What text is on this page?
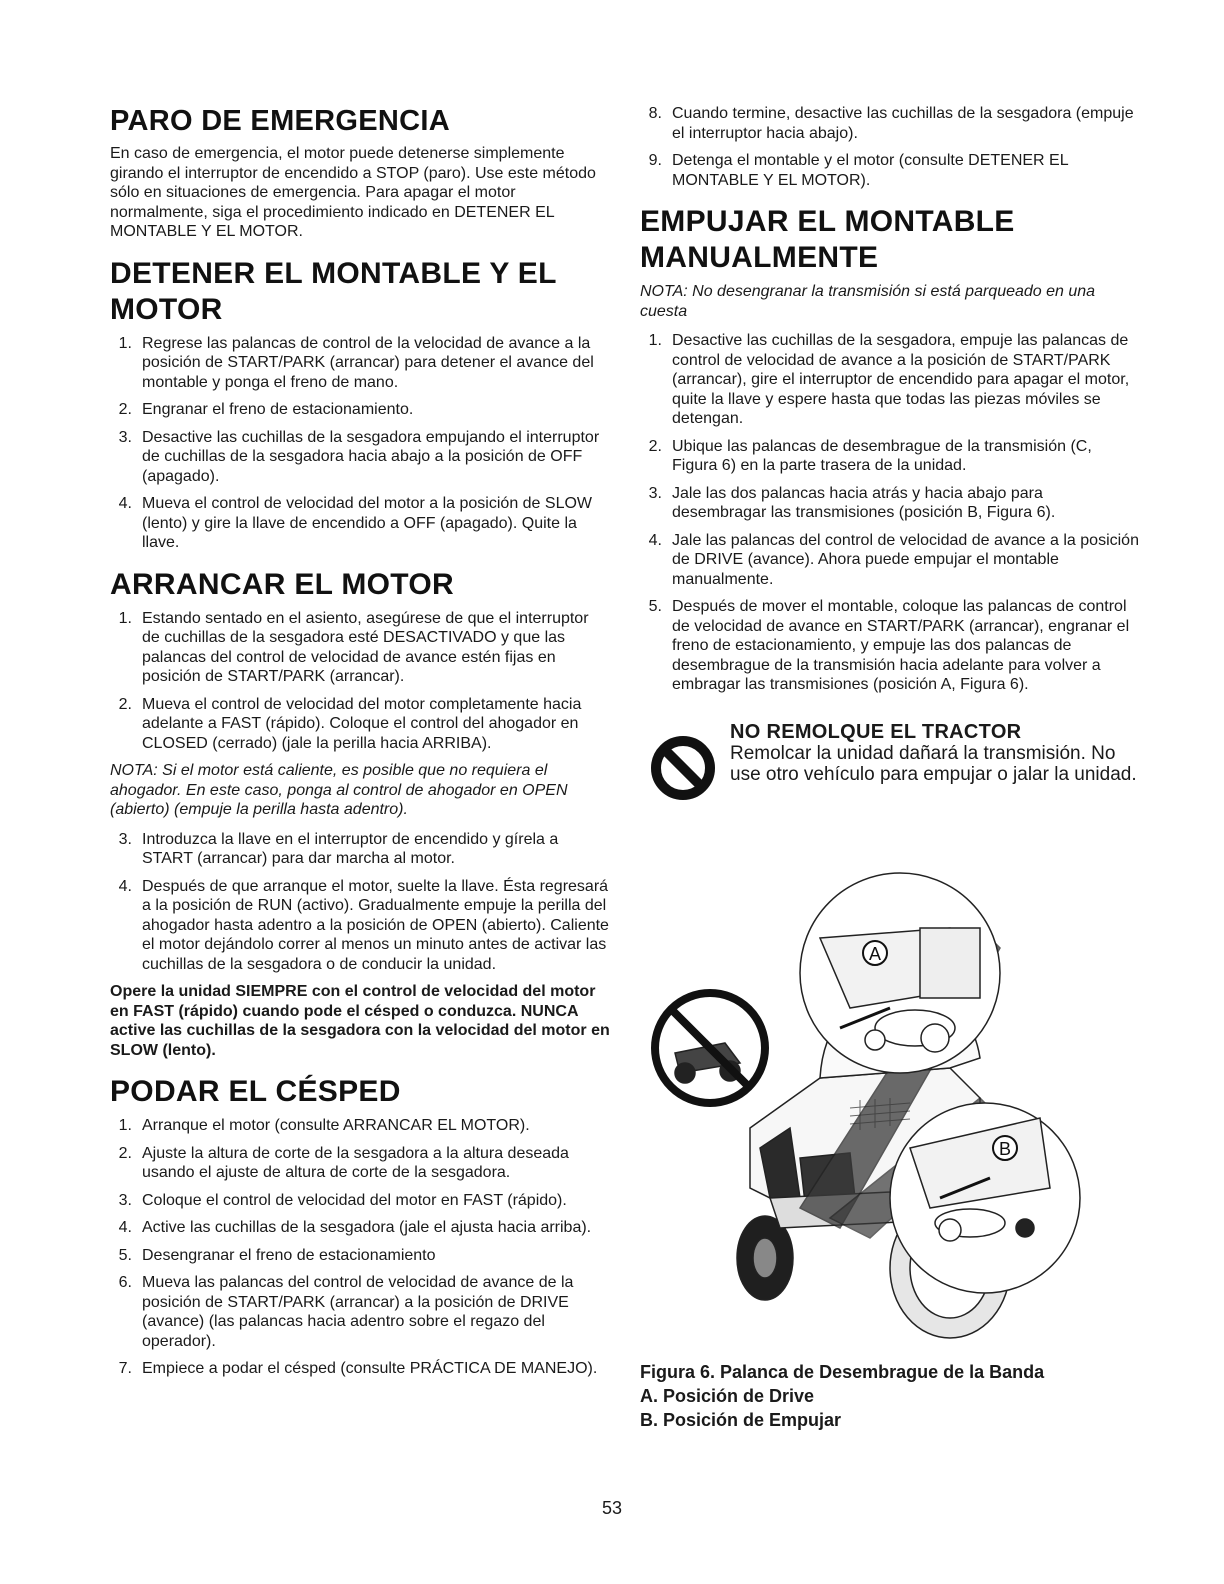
PARO DE EMERGENCIA

En caso de emergencia, el motor puede detenerse simplemente girando el interruptor de encendido a STOP (paro). Use este método sólo en situaciones de emergencia. Para apagar el motor normalmente, siga el procedimiento indicado en DETENER EL MONTABLE Y EL MOTOR.

DETENER EL MONTABLE Y EL MOTOR
1. Regrese las palancas de control de la velocidad de avance a la posición de START/PARK (arrancar) para detener el avance del montable y ponga el freno de mano.
2. Engranar el freno de estacionamiento.
3. Desactive las cuchillas de la sesgadora empujando el interruptor de cuchillas de la sesgadora hacia abajo a la posición de OFF (apagado).
4. Mueva el control de velocidad del motor a la posición de SLOW (lento) y gire la llave de encendido a OFF (apagado). Quite la llave.
ARRANCAR EL MOTOR
1. Estando sentado en el asiento, asegúrese de que el interruptor de cuchillas de la sesgadora esté DESACTIVADO y que las palancas del control de velocidad de avance estén fijas en posición de START/PARK (arrancar).
2. Mueva el control de velocidad del motor completamente hacia adelante a FAST (rápido). Coloque el control del ahogador en CLOSED (cerrado) (jale la perilla hacia ARRIBA).
NOTA: Si el motor está caliente, es posible que no requiera el ahogador. En este caso, ponga al control de ahogador en OPEN (abierto) (empuje la perilla hasta adentro).
3. Introduzca la llave en el interruptor de encendido y gírela a START (arrancar) para dar marcha al motor.
4. Después de que arranque el motor, suelte la llave. Ésta regresará a la posición de RUN (activo). Gradualmente empuje la perilla del ahogador hasta adentro a la posición de OPEN (abierto). Caliente el motor dejándolo correr al menos un minuto antes de activar las cuchillas de la sesgadora o de conducir la unidad.
Opere la unidad SIEMPRE con el control de velocidad del motor en FAST (rápido) cuando pode el césped o conduzca. NUNCA active las cuchillas de la sesgadora con la velocidad del motor en SLOW (lento).
PODAR EL CÉSPED
1. Arranque el motor (consulte ARRANCAR EL MOTOR).
2. Ajuste la altura de corte de la sesgadora a la altura deseada usando el ajuste de altura de corte de la sesgadora.
3. Coloque el control de velocidad del motor en FAST (rápido).
4. Active las cuchillas de la sesgadora (jale el ajusta hacia arriba).
5. Desengranar el freno de estacionamiento
6. Mueva las palancas del control de velocidad de avance de la posición de START/PARK (arrancar) a la posición de DRIVE (avance) (las palancas hacia adentro sobre el regazo del operador).
7. Empiece a podar el césped (consulte PRÁCTICA DE MANEJO).
8. Cuando termine, desactive las cuchillas de la sesgadora (empuje el interruptor hacia abajo).
9. Detenga el montable y el motor (consulte DETENER EL MONTABLE Y EL MOTOR).
EMPUJAR EL MONTABLE MANUALMENTE
NOTA: No desengranar la transmisión si está parqueado en una cuesta
1. Desactive las cuchillas de la sesgadora, empuje las palancas de control de velocidad de avance a la posición de START/PARK (arrancar), gire el interruptor de encendido para apagar el motor, quite la llave y espere hasta que todas las piezas móviles se detengan.
2. Ubique las palancas de desembrague de la transmisión (C, Figura 6) en la parte trasera de la unidad.
3. Jale las dos palancas hacia atrás y hacia abajo para desembragar las transmisiones (posición B, Figura 6).
4. Jale las palancas del control de velocidad de avance a la posición de DRIVE (avance). Ahora puede empujar el montable manualmente.
5. Después de mover el montable, coloque las palancas de control de velocidad de avance en START/PARK (arrancar), engranar el freno de estacionamiento, y empuje las dos palancas de desembrague de la transmisión hacia adelante para volver a embragar las transmisiones (posición A, Figura 6).
NO REMOLQUE EL TRACTOR
Remolcar la unidad dañará la transmisión. No use otro vehículo para empujar o jalar la unidad.
A
B
Figura 6. Palanca de Desembrague de la Banda
A. Posición de Drive
B. Posición de Empujar
53
